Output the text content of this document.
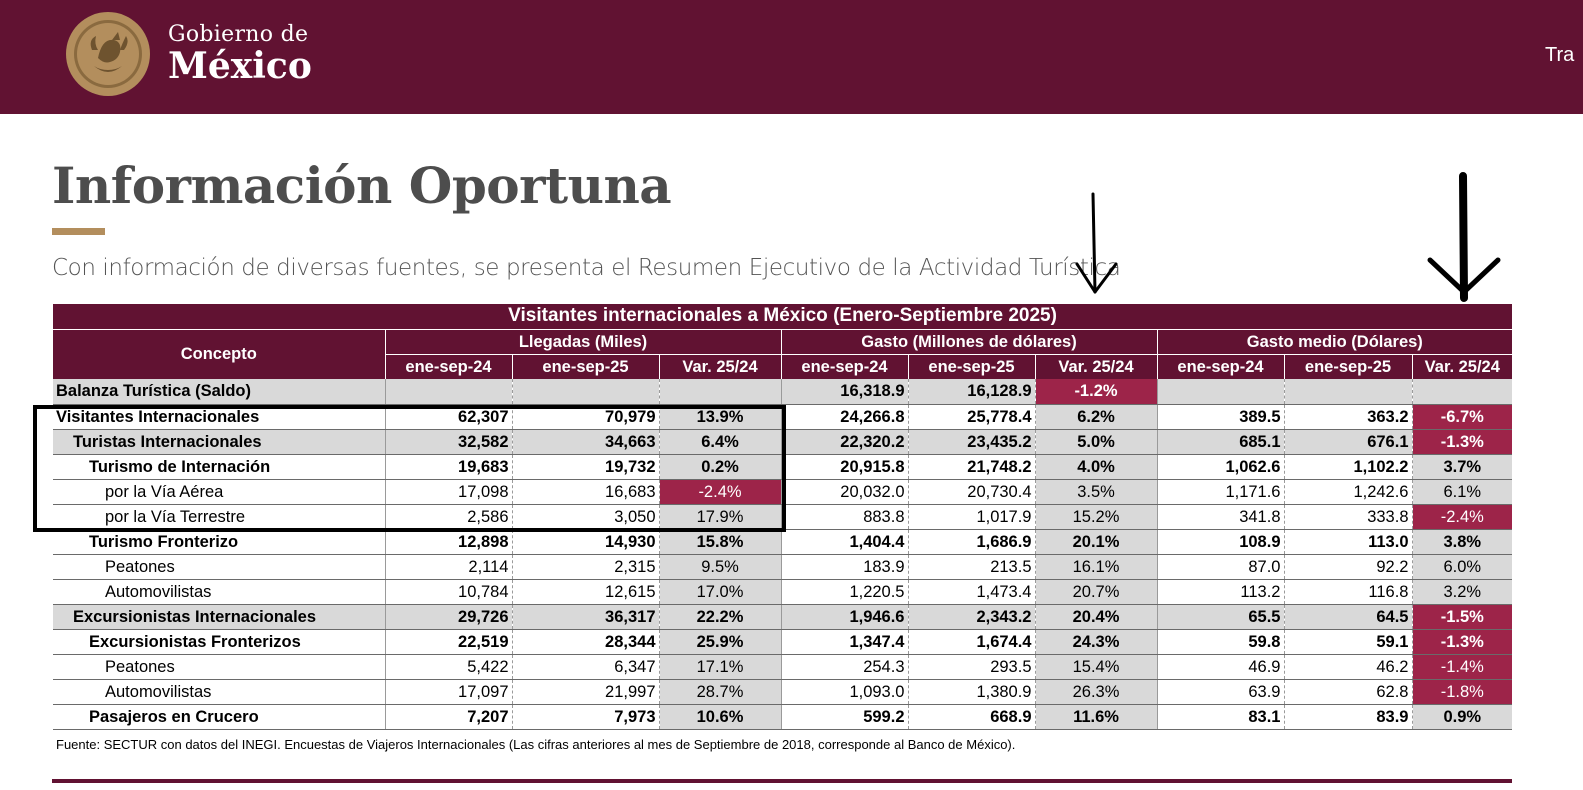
Gobierno de
México	Tra
Información Oportuna

Con información de diversas fuentes, se presenta el Resumen Ejecutivo de la Actividad Turística

Visitantes internacionales a México (Enero-Septiembre 2025)									
Concepto	Llegadas (Miles)			Gasto (Millones de dólares)			Gasto medio (Dólares)		
	ene-sep-24	ene-sep-25	Var. 25/24	ene-sep-24	ene-sep-25	Var. 25/24	ene-sep-24	ene-sep-25	Var. 25/24
Balanza Turística (Saldo)				16,318.9	16,128.9	-1.2%			
Visitantes Internacionales	62,307	70,979	13.9%	24,266.8	25,778.4	6.2%	389.5	363.2	-6.7%
Turistas Internacionales	32,582	34,663	6.4%	22,320.2	23,435.2	5.0%	685.1	676.1	-1.3%
Turismo de Internación	19,683	19,732	0.2%	20,915.8	21,748.2	4.0%	1,062.6	1,102.2	3.7%
por la Vía Aérea	17,098	16,683	-2.4%	20,032.0	20,730.4	3.5%	1,171.6	1,242.6	6.1%
por la Vía Terrestre	2,586	3,050	17.9%	883.8	1,017.9	15.2%	341.8	333.8	-2.4%
Turismo Fronterizo	12,898	14,930	15.8%	1,404.4	1,686.9	20.1%	108.9	113.0	3.8%
Peatones	2,114	2,315	9.5%	183.9	213.5	16.1%	87.0	92.2	6.0%
Automovilistas	10,784	12,615	17.0%	1,220.5	1,473.4	20.7%	113.2	116.8	3.2%
Excursionistas Internacionales	29,726	36,317	22.2%	1,946.6	2,343.2	20.4%	65.5	64.5	-1.5%
Excursionistas Fronterizos	22,519	28,344	25.9%	1,347.4	1,674.4	24.3%	59.8	59.1	-1.3%
Peatones	5,422	6,347	17.1%	254.3	293.5	15.4%	46.9	46.2	-1.4%
Automovilistas	17,097	21,997	28.7%	1,093.0	1,380.9	26.3%	63.9	62.8	-1.8%
Pasajeros en Crucero	7,207	7,973	10.6%	599.2	668.9	11.6%	83.1	83.9	0.9%
Fuente: SECTUR con datos del INEGI. Encuestas de Viajeros Internacionales (Las cifras anteriores al mes de Septiembre de 2018, corresponde al Banco de México).
